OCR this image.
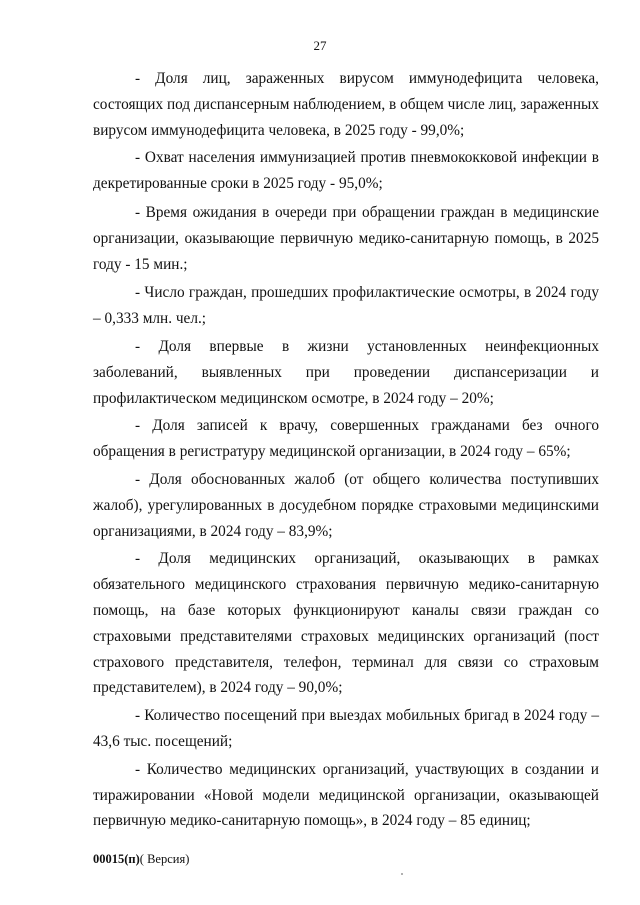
27

- Доля лиц, зараженных вирусом иммунодефицита человека, состоящих под диспансерным наблюдением, в общем числе лиц, зараженных вирусом иммунодефицита человека, в 2025 году - 99,0%;

- Охват населения иммунизацией против пневмококковой инфекции в декретированные сроки в 2025 году - 95,0%;

- Время ожидания в очереди при обращении граждан в медицинские организации, оказывающие первичную медико-санитарную помощь, в 2025 году - 15 мин.;

- Число граждан, прошедших профилактические осмотры, в 2024 году – 0,333 млн. чел.;

- Доля впервые в жизни установленных неинфекционных заболеваний, выявленных при проведении диспансеризации и профилактическом медицинском осмотре, в 2024 году – 20%;

- Доля записей к врачу, совершенных гражданами без очного обращения в регистратуру медицинской организации, в 2024 году – 65%;

- Доля обоснованных жалоб (от общего количества поступивших жалоб), урегулированных в досудебном порядке страховыми медицинскими организациями, в 2024 году – 83,9%;

- Доля медицинских организаций, оказывающих в рамках обязательного медицинского страхования первичную медико-санитарную помощь, на базе которых функционируют каналы связи граждан со страховыми представителями страховых медицинских организаций (пост страхового представителя, телефон, терминал для связи со страховым представителем), в 2024 году – 90,0%;

- Количество посещений при выездах мобильных бригад в 2024 году – 43,6 тыс. посещений;

- Количество медицинских организаций, участвующих в создании и тиражировании «Новой модели медицинской организации, оказывающей первичную медико-санитарную помощь», в 2024 году – 85 единиц;

00015(п)( Версия)
